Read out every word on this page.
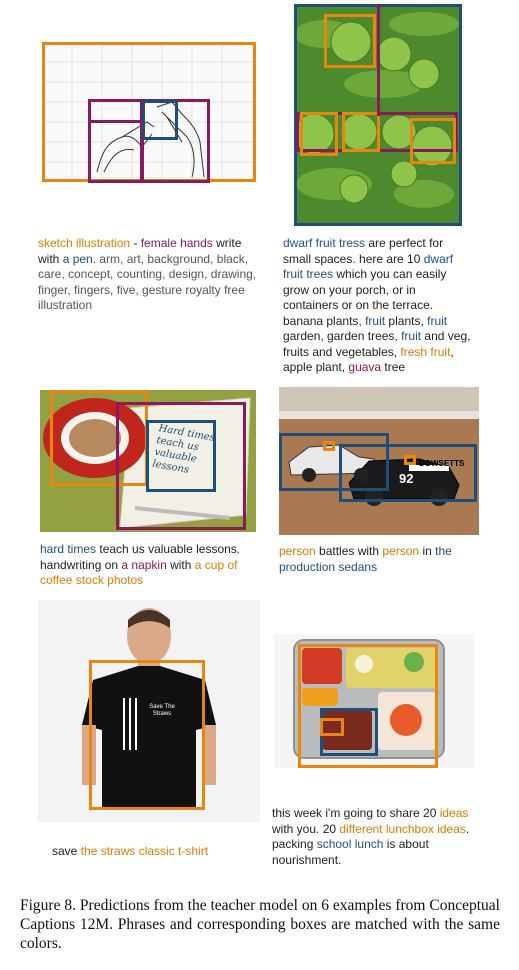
sketch illustration - female hands write with a pen. arm, art, background, black, care, concept, counting, design, drawing, finger, fingers, five, gesture royalty free illustration
dwarf fruit tress are perfect for small spaces. here are 10 dwarf fruit trees which you can easily grow on your porch, or in containers or on the terrace. banana plants, fruit plants, fruit garden, garden trees, fruit and veg, fruits and vegetables, fresh fruit, apple plant, guava tree
Hard times teach us valuable lessons
hard times teach us valuable lessons. handwriting on a napkin with a cup of coffee stock photos
92
DOWSETTS
person battles with person in the production sedans
Save The Straws
save the straws classic t-shirt
this week i'm going to share 20 ideas with you. 20 different lunchbox ideas. packing school lunch is about nourishment.
Figure 8. Predictions from the teacher model on 6 examples from Conceptual Captions 12M. Phrases and corresponding boxes are matched with the same colors.
